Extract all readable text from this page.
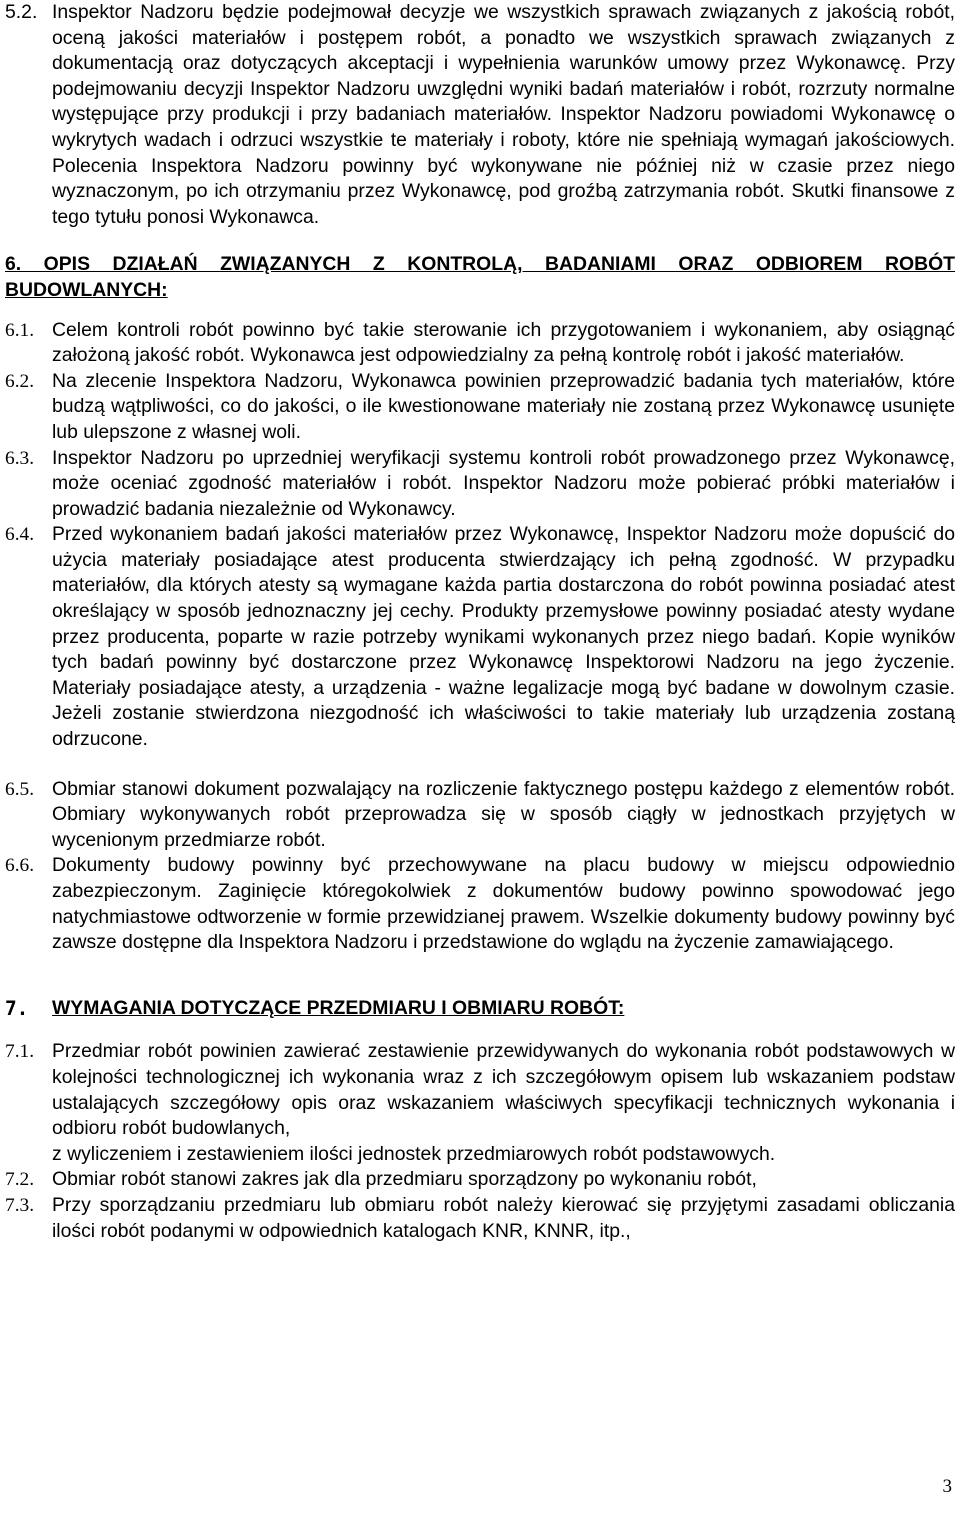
5.2. Inspektor Nadzoru będzie podejmował decyzje we wszystkich sprawach związanych z jakością robót, oceną jakości materiałów i postępem robót, a ponadto we wszystkich sprawach związanych z dokumentacją oraz dotyczących akceptacji i wypełnienia warunków umowy przez Wykonawcę. Przy podejmowaniu decyzji Inspektor Nadzoru uwzględni wyniki badań materiałów i robót, rozrzuty normalne występujące przy produkcji i przy badaniach materiałów. Inspektor Nadzoru powiadomi Wykonawcę o wykrytych wadach i odrzuci wszystkie te materiały i roboty, które nie spełniają wymagań jakościowych. Polecenia Inspektora Nadzoru powinny być wykonywane nie później niż w czasie przez niego wyznaczonym, po ich otrzymaniu przez Wykonawcę, pod groźbą zatrzymania robót. Skutki finansowe z tego tytułu ponosi Wykonawca.

6. OPIS DZIAŁAŃ ZWIĄZANYCH Z KONTROLĄ, BADANIAMI ORAZ ODBIOREM ROBÓT BUDOWLANYCH:

6.1. Celem kontroli robót powinno być takie sterowanie ich przygotowaniem i wykonaniem, aby osiągnąć założoną jakość robót. Wykonawca jest odpowiedzialny za pełną kontrolę robót i jakość materiałów.
6.2. Na zlecenie Inspektora Nadzoru, Wykonawca powinien przeprowadzić badania tych materiałów, które budzą wątpliwości, co do jakości, o ile kwestionowane materiały nie zostaną przez Wykonawcę usunięte lub ulepszone z własnej woli.
6.3. Inspektor Nadzoru po uprzedniej weryfikacji systemu kontroli robót prowadzonego przez Wykonawcę, może oceniać zgodność materiałów i robót. Inspektor Nadzoru może pobierać próbki materiałów i prowadzić badania niezależnie od Wykonawcy.
6.4. Przed wykonaniem badań jakości materiałów przez Wykonawcę, Inspektor Nadzoru może dopuścić do użycia materiały posiadające atest producenta stwierdzający ich pełną zgodność. W przypadku materiałów, dla których atesty są wymagane każda partia dostarczona do robót powinna posiadać atest określający w sposób jednoznaczny jej cechy. Produkty przemysłowe powinny posiadać atesty wydane przez producenta, poparte w razie potrzeby wynikami wykonanych przez niego badań. Kopie wyników tych badań powinny być dostarczone przez Wykonawcę Inspektorowi Nadzoru na jego życzenie. Materiały posiadające atesty, a urządzenia - ważne legalizacje mogą być badane w dowolnym czasie. Jeżeli zostanie stwierdzona niezgodność ich właściwości to takie materiały lub urządzenia zostaną odrzucone.
6.5. Obmiar stanowi dokument pozwalający na rozliczenie faktycznego postępu każdego z elementów robót. Obmiary wykonywanych robót przeprowadza się w sposób ciągły w jednostkach przyjętych w wycenionym przedmiarze robót.
6.6. Dokumenty budowy powinny być przechowywane na placu budowy w miejscu odpowiednio zabezpieczonym. Zaginięcie któregokolwiek z dokumentów budowy powinno spowodować jego natychmiastowe odtworzenie w formie przewidzianej prawem. Wszelkie dokumenty budowy powinny być zawsze dostępne dla Inspektora Nadzoru i przedstawione do wglądu na życzenie zamawiającego.

7. WYMAGANIA DOTYCZĄCE PRZEDMIARU I OBMIARU ROBÓT:

7.1. Przedmiar robót powinien zawierać zestawienie przewidywanych do wykonania robót podstawowych w kolejności technologicznej ich wykonania wraz z ich szczegółowym opisem lub wskazaniem podstaw ustalających szczegółowy opis oraz wskazaniem właściwych specyfikacji technicznych wykonania i odbioru robót budowlanych,
z wyliczeniem i zestawieniem ilości jednostek przedmiarowych robót podstawowych.
7.2. Obmiar robót stanowi zakres jak dla przedmiaru sporządzony po wykonaniu robót,
7.3. Przy sporządzaniu przedmiaru lub obmiaru robót należy kierować się przyjętymi zasadami obliczania ilości robót podanymi w odpowiednich katalogach KNR, KNNR, itp.,
3
